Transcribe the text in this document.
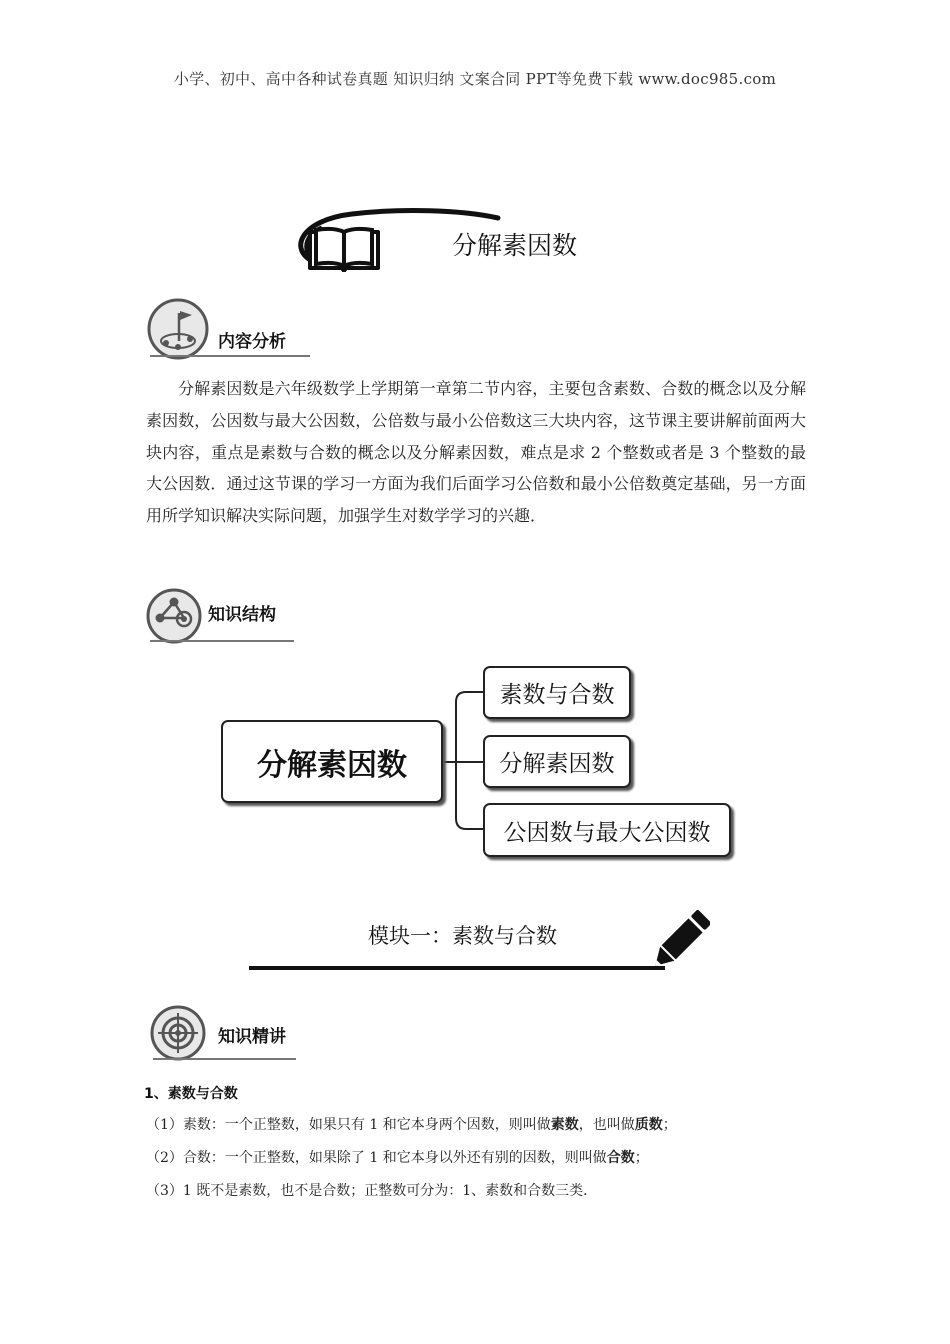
小学、初中、高中各种试卷真题 知识归纳 文案合同 PPT等免费下载 www.doc985.com
分解素因数
内容分析

分解素因数是六年级数学上学期第一章第二节内容，主要包含素数、合数的概念以及分解素因数，公因数与最大公因数，公倍数与最小公倍数这三大块内容，这节课主要讲解前面两大块内容，重点是素数与合数的概念以及分解素因数，难点是求 2 个整数或者是 3 个整数的最大公因数．通过这节课的学习一方面为我们后面学习公倍数和最小公倍数奠定基础，另一方面用所学知识解决实际问题，加强学生对数学学习的兴趣．

知识结构
分解素因数
素数与合数
分解素因数
公因数与最大公因数
模块一：素数与合数
知识精讲
1、素数与合数
（1）素数：一个正整数，如果只有 1 和它本身两个因数，则叫做素数，也叫做质数；
（2）合数：一个正整数，如果除了 1 和它本身以外还有别的因数，则叫做合数；
（3）1 既不是素数，也不是合数；正整数可分为：1、素数和合数三类．
